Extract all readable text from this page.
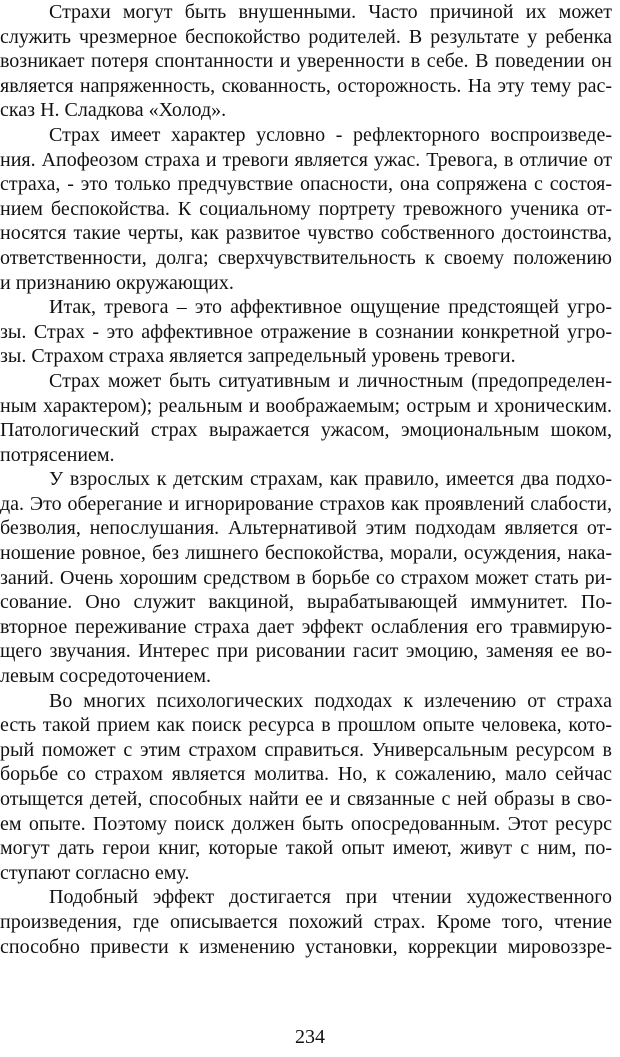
Страхи могут быть внушенными. Часто причиной их может
служить чрезмерное беспокойство родителей. В результате у ребенка
возникает потеря спонтанности и уверенности в себе. В поведении он
является напряженность, скованность, осторожность. На эту тему рас-
сказ Н. Сладкова «Холод».
Страх имеет характер условно - рефлекторного воспроизведе-
ния. Апофеозом страха и тревоги является ужас. Тревога, в отличие от
страха, - это только предчувствие опасности, она сопряжена с состоя-
нием беспокойства. К социальному портрету тревожного ученика от-
носятся такие черты, как развитое чувство собственного достоинства,
ответственности, долга; сверхчувствительность к своему положению
и признанию окружающих.
Итак, тревога – это аффективное ощущение предстоящей угро-
зы. Страх - это аффективное отражение в сознании конкретной угро-
зы. Страхом страха является запредельный уровень тревоги.
Страх может быть ситуативным и личностным (предопределен-
ным характером); реальным и воображаемым; острым и хроническим.
Патологический страх выражается ужасом, эмоциональным шоком,
потрясением.
У взрослых к детским страхам, как правило, имеется два подхо-
да. Это оберегание и игнорирование страхов как проявлений слабости,
безволия, непослушания. Альтернативой этим подходам является от-
ношение ровное, без лишнего беспокойства, морали, осуждения, нака-
заний. Очень хорошим средством в борьбе со страхом может стать ри-
сование. Оно служит вакциной, вырабатывающей иммунитет. По-
вторное переживание страха дает эффект ослабления его травмирую-
щего звучания. Интерес при рисовании гасит эмоцию, заменяя ее во-
левым сосредоточением.
Во многих психологических подходах к излечению от страха
есть такой прием как поиск ресурса в прошлом опыте человека, кото-
рый поможет с этим страхом справиться. Универсальным ресурсом в
борьбе со страхом является молитва. Но, к сожалению, мало сейчас
отыщется детей, способных найти ее и связанные с ней образы в сво-
ем опыте. Поэтому поиск должен быть опосредованным. Этот ресурс
могут дать герои книг, которые такой опыт имеют, живут с ним, по-
ступают согласно ему.
Подобный эффект достигается при чтении художественного
произведения, где описывается похожий страх. Кроме того, чтение
способно привести к изменению установки, коррекции мировоззре-
234
